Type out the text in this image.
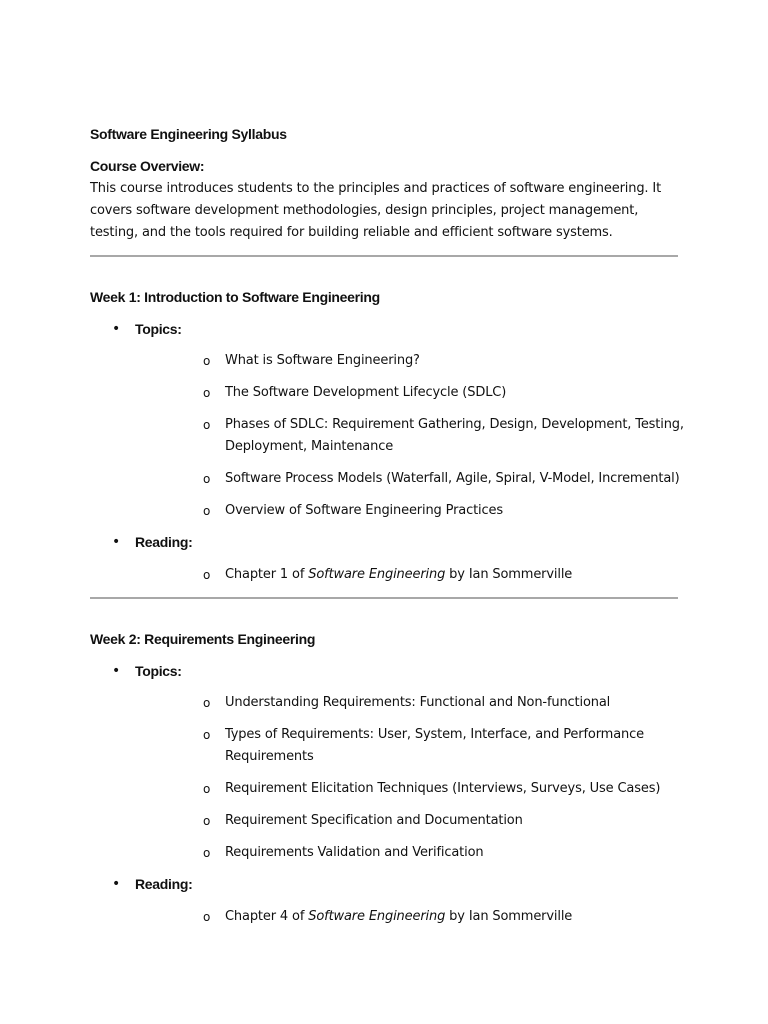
Software Engineering Syllabus

Course Overview:

This course introduces students to the principles and practices of software engineering. It covers software development methodologies, design principles, project management, testing, and the tools required for building reliable and efficient software systems.

Week 1: Introduction to Software Engineering

• Topics:
o What is Software Engineering?
o The Software Development Lifecycle (SDLC)
o Phases of SDLC: Requirement Gathering, Design, Development, Testing, Deployment, Maintenance
o Software Process Models (Waterfall, Agile, Spiral, V-Model, Incremental)
o Overview of Software Engineering Practices
• Reading:
o Chapter 1 of Software Engineering by Ian Sommerville

Week 2: Requirements Engineering

• Topics:
o Understanding Requirements: Functional and Non-functional
o Types of Requirements: User, System, Interface, and Performance Requirements
o Requirement Elicitation Techniques (Interviews, Surveys, Use Cases)
o Requirement Specification and Documentation
o Requirements Validation and Verification
• Reading:
o Chapter 4 of Software Engineering by Ian Sommerville
